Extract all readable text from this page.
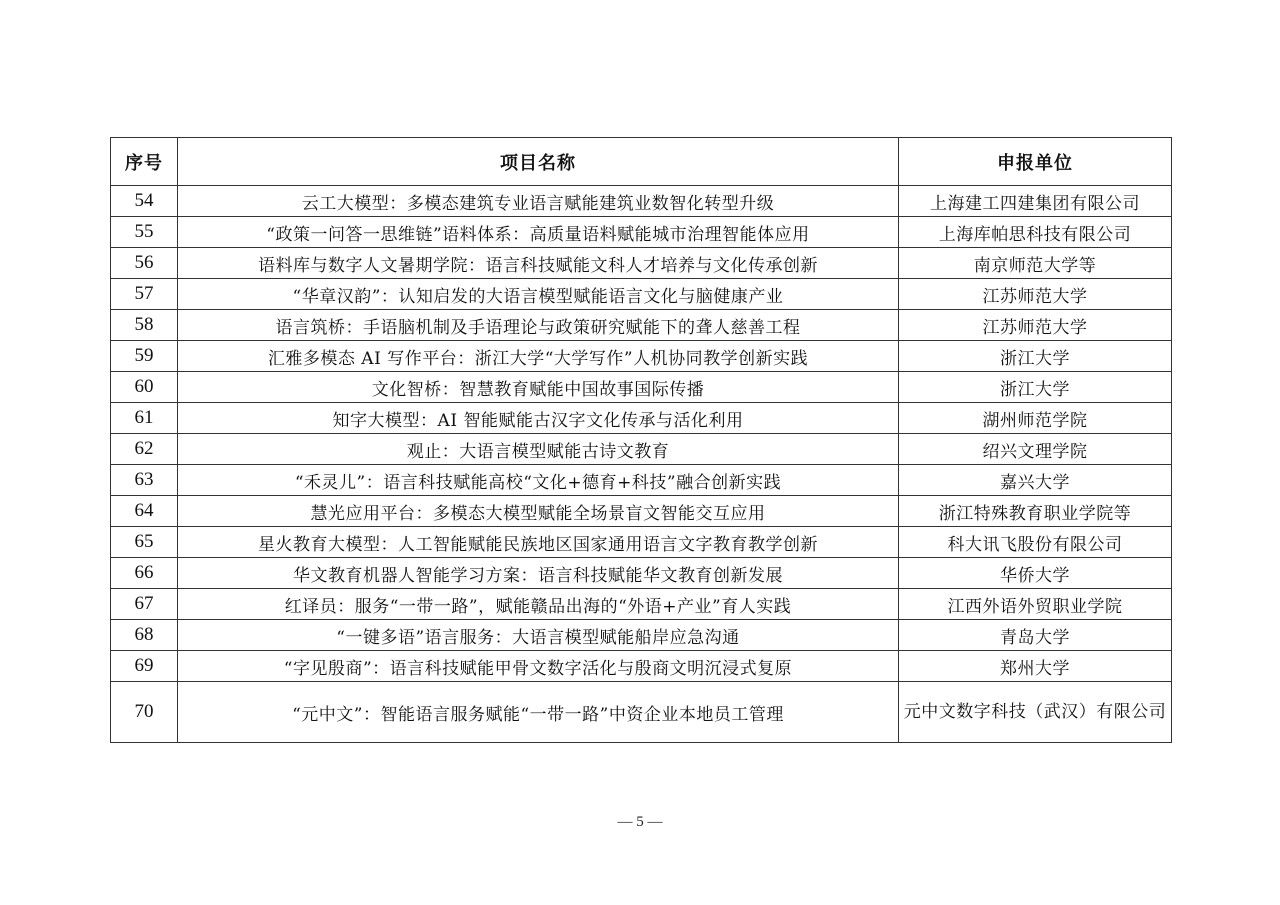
序号	项目名称	申报单位
54	云工大模型：多模态建筑专业语言赋能建筑业数智化转型升级	上海建工四建集团有限公司
55	“政策一问答一思维链”语料体系：高质量语料赋能城市治理智能体应用	上海库帕思科技有限公司
56	语料库与数字人文暑期学院：语言科技赋能文科人才培养与文化传承创新	南京师范大学等
57	“华章汉韵”：认知启发的大语言模型赋能语言文化与脑健康产业	江苏师范大学
58	语言筑桥：手语脑机制及手语理论与政策研究赋能下的聋人慈善工程	江苏师范大学
59	汇雅多模态 AI 写作平台：浙江大学“大学写作”人机协同教学创新实践	浙江大学
60	文化智桥：智慧教育赋能中国故事国际传播	浙江大学
61	知字大模型：AI 智能赋能古汉字文化传承与活化利用	湖州师范学院
62	观止：大语言模型赋能古诗文教育	绍兴文理学院
63	“禾灵儿”：语言科技赋能高校“文化+德育+科技”融合创新实践	嘉兴大学
64	慧光应用平台：多模态大模型赋能全场景盲文智能交互应用	浙江特殊教育职业学院等
65	星火教育大模型：人工智能赋能民族地区国家通用语言文字教育教学创新	科大讯飞股份有限公司
66	华文教育机器人智能学习方案：语言科技赋能华文教育创新发展	华侨大学
67	红译员：服务“一带一路”，赋能赣品出海的“外语+产业”育人实践	江西外语外贸职业学院
68	“一键多语”语言服务：大语言模型赋能船岸应急沟通	青岛大学
69	“字见殷商”：语言科技赋能甲骨文数字活化与殷商文明沉浸式复原	郑州大学
70	“元中文”：智能语言服务赋能“一带一路”中资企业本地员工管理	元中文数字科技（武汉）有限公司
— 5 —
